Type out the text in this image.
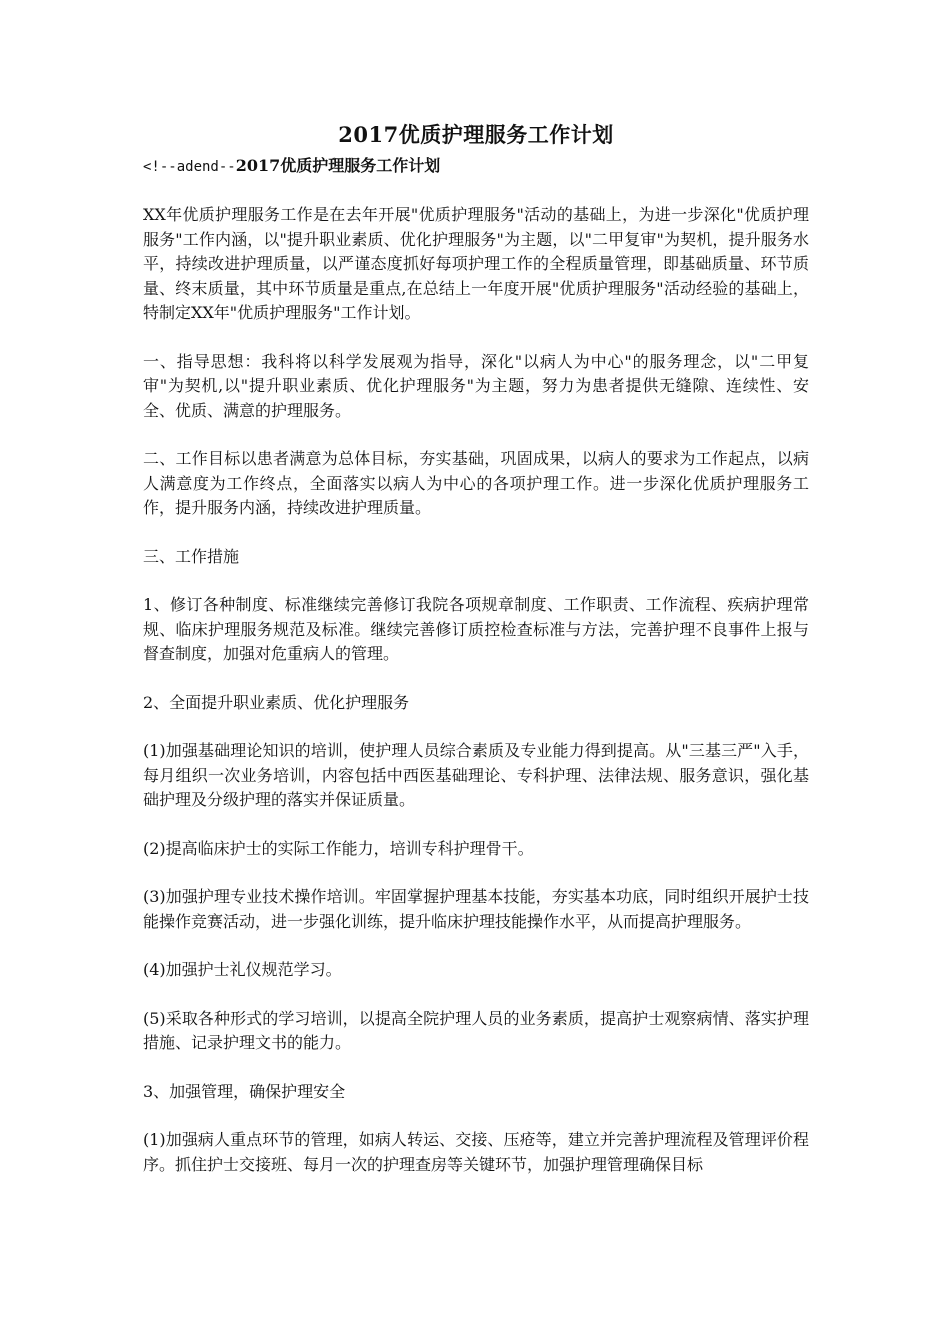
2017优质护理服务工作计划

<!--adend--2017优质护理服务工作计划

XX年优质护理服务工作是在去年开展"优质护理服务"活动的基础上，为进一步深化"优质护理服务"工作内涵，以"提升职业素质、优化护理服务"为主题，以"二甲复审"为契机，提升服务水平，持续改进护理质量，以严谨态度抓好每项护理工作的全程质量管理，即基础质量、环节质量、终末质量，其中环节质量是重点,在总结上一年度开展"优质护理服务"活动经验的基础上，特制定XX年"优质护理服务"工作计划。

一、指导思想：我科将以科学发展观为指导，深化"以病人为中心"的服务理念，以"二甲复审"为契机,以"提升职业素质、优化护理服务"为主题，努力为患者提供无缝隙、连续性、安全、优质、满意的护理服务。

二、工作目标以患者满意为总体目标，夯实基础，巩固成果，以病人的要求为工作起点，以病人满意度为工作终点，全面落实以病人为中心的各项护理工作。进一步深化优质护理服务工作，提升服务内涵，持续改进护理质量。

三、工作措施

1、修订各种制度、标准继续完善修订我院各项规章制度、工作职责、工作流程、疾病护理常规、临床护理服务规范及标准。继续完善修订质控检查标准与方法，完善护理不良事件上报与督查制度，加强对危重病人的管理。

2、全面提升职业素质、优化护理服务

(1)加强基础理论知识的培训，使护理人员综合素质及专业能力得到提高。从"三基三严"入手，每月组织一次业务培训，内容包括中西医基础理论、专科护理、法律法规、服务意识，强化基础护理及分级护理的落实并保证质量。

(2)提高临床护士的实际工作能力，培训专科护理骨干。

(3)加强护理专业技术操作培训。牢固掌握护理基本技能，夯实基本功底，同时组织开展护士技能操作竞赛活动，进一步强化训练，提升临床护理技能操作水平，从而提高护理服务。

(4)加强护士礼仪规范学习。

(5)采取各种形式的学习培训，以提高全院护理人员的业务素质，提高护士观察病情、落实护理措施、记录护理文书的能力。

3、加强管理，确保护理安全

(1)加强病人重点环节的管理，如病人转运、交接、压疮等，建立并完善护理流程及管理评价程序。抓住护士交接班、每月一次的护理查房等关键环节，加强护理管理确保目标
